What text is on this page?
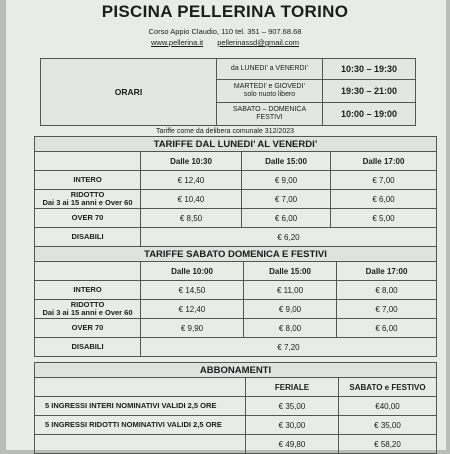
PISCINA PELLERINA TORINO
Corso Appio Claudio, 110 tel. 351 – 907.68.68
www.pellerina.it pellerinassd@gmail.com
ORARI	da LUNEDI’ a VENERDI’	10:30 – 19:30
	MARTEDI’ e GIOVEDI’
solo nuoto libero	19:30 – 21:00
	SABATO – DOMENICA
FESTIVI	10:00 – 19:00
Tariffe come da delibera comunale 312/2023
TARIFFE DAL LUNEDI’ AL VENERDI’			
	Dalle 10:30	Dalle 15:00	Dalle 17:00
INTERO	€ 12,40	€ 9,00	€ 7,00
RIDOTTO
Dai 3 ai 15 anni e Over 60	€ 10,40	€ 7,00	€ 6,00
OVER 70	€ 8,50	€ 6,00	€ 5,00
DISABILI	€ 6,20		
TARIFFE SABATO DOMENICA E FESTIVI			
	Dalle 10:00	Dalle 15:00	Dalle 17:00
INTERO	€ 14,50	€ 11,00	€ 8,00
RIDOTTO
Dai 3 ai 15 anni e Over 60	€ 12,40	€ 9,00	€ 7,00
OVER 70	€ 9,90	€ 8,00	€ 6,00
DISABILI	€ 7,20		
ABBONAMENTI		
	FERIALE	SABATO e FESTIVO
5 INGRESSI INTERI NOMINATIVI VALIDI 2,5 ORE	€ 35,00	€40,00
5 INGRESSI RIDOTTI NOMINATIVI VALIDI 2,5 ORE	€ 30,00	€ 35,00
	€ 49,80	€ 58,20
